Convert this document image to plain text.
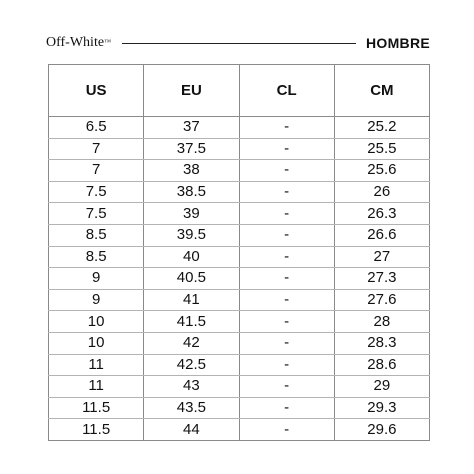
Off-White™	HOMBRE
US	EU	CL	CM
6.5	37	-	25.2
7	37.5	-	25.5
7	38	-	25.6
7.5	38.5	-	26
7.5	39	-	26.3
8.5	39.5	-	26.6
8.5	40	-	27
9	40.5	-	27.3
9	41	-	27.6
10	41.5	-	28
10	42	-	28.3
11	42.5	-	28.6
11	43	-	29
11.5	43.5	-	29.3
11.5	44	-	29.6
